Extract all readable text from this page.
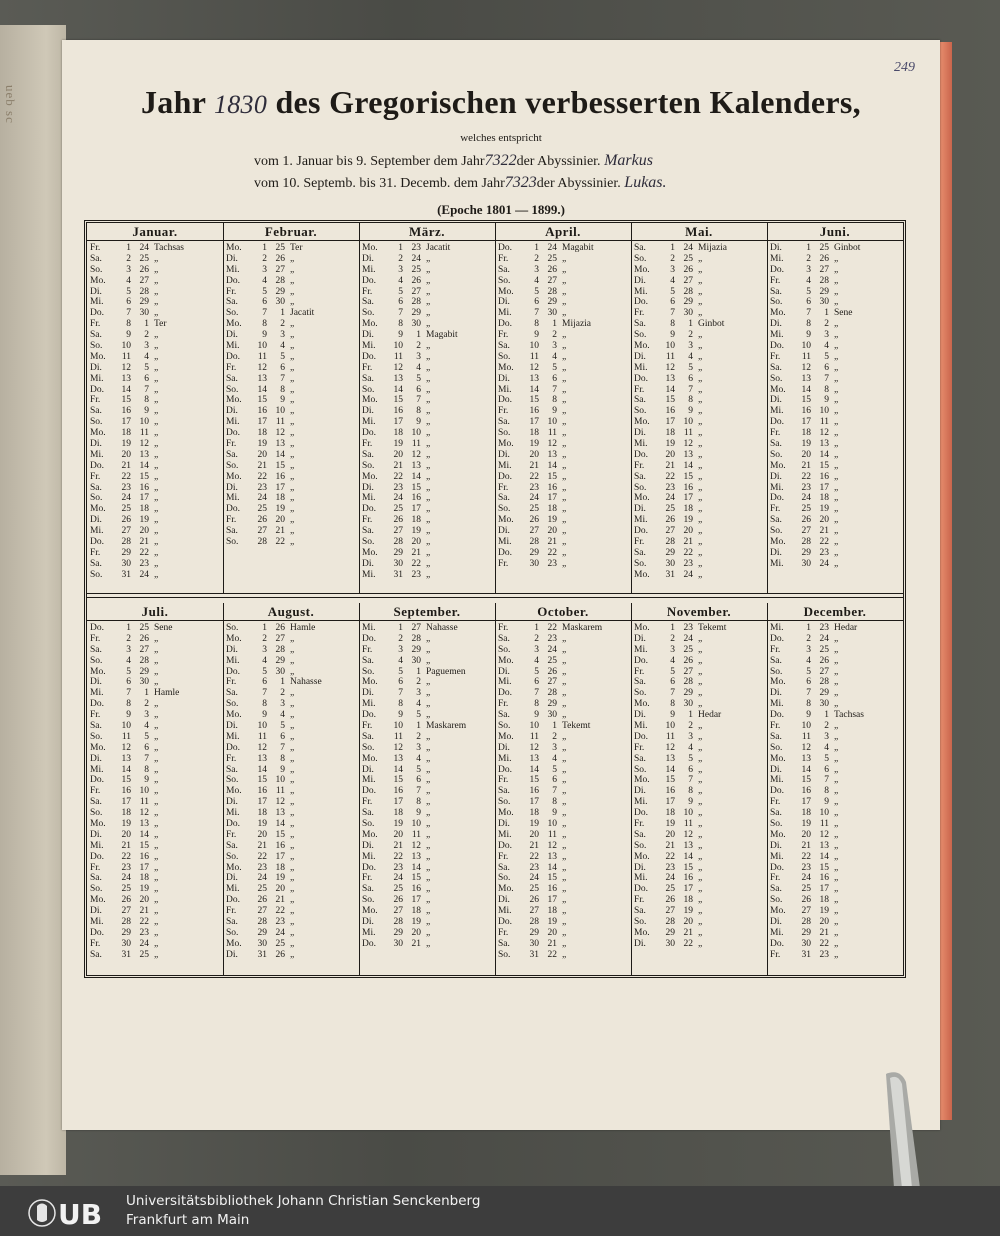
ueb sc
249
Jahr 1830 des Gregorischen verbesserten Kalenders,
welches entspricht
vom 1. Januar bis 9. September dem Jahr7322der Abyssinier. Markus
vom 10. Septemb. bis 31. Decemb. dem Jahr7323der Abyssinier. Lukas.
(Epoche 1801 — 1899.)
Januar.
Fr.	1 24 Tachsas
Sa.	2 25 „
So.	3 26 „
Mo.	4 27 „
Di.	5 28 „
Mi.	6 29 „
Do.	7 30 „
Fr.	8	1 Ter
Sa.	9	2 „
So. 10	3 „
Mo. 11	4 „
Di. 12	5 „
Mi. 13	6 „
Do. 14	7 „
Fr. 15	8 „
Sa. 16	9 „
So. 17 10 „
Mo. 18 11 „
Di. 19 12 „
Mi. 20 13 „
Do. 21 14 „
Fr. 22 15 „
Sa. 23 16 „
So. 24 17 „
Mo. 25 18 „
Di. 26 19 „
Mi. 27 20 „
Do. 28 21 „
Fr. 29 22 „
Sa. 30 23 „
So. 31 24 „
Februar.
Mo.	1 25 Ter
Di.	2 26 „
Mi.	3 27 „
Do.	4 28 „
Fr.	5 29 „
Sa.	6 30 „
So.	7	1 Jacatit
Mo.	8	2 „
Di.	9	3 „
Mi. 10	4 „
Do. 11	5 „
Fr. 12	6 „
Sa. 13	7 „
So. 14	8 „
Mo. 15	9 „
Di. 16 10 „
Mi. 17 11 „
Do. 18 12 „
Fr. 19 13 „
Sa. 20 14 „
So. 21 15 „
Mo. 22 16 „
Di. 23 17 „
Mi. 24 18 „
Do. 25 19 „
Fr. 26 20 „
Sa. 27 21 „
So. 28 22 „
März.
Mo.	1 23 Jacatit
Di.	2 24 „
Mi.	3 25 „
Do.	4 26 „
Fr.	5 27 „
Sa.	6 28 „
So.	7 29 „
Mo.	8 30 „
Di.	9	1 Magabit
Mi. 10	2 „
Do. 11	3 „
Fr. 12	4 „
Sa. 13	5 „
So. 14	6 „
Mo. 15	7 „
Di. 16	8 „
Mi. 17	9 „
Do. 18 10 „
Fr. 19 11 „
Sa. 20 12 „
So. 21 13 „
Mo. 22 14 „
Di. 23 15 „
Mi. 24 16 „
Do. 25 17 „
Fr. 26 18 „
Sa. 27 19 „
So. 28 20 „
Mo. 29 21 „
Di. 30 22 „
Mi. 31 23 „
April.
Do.	1 24 Magabit
Fr.	2 25 „
Sa.	3 26 „
So.	4 27 „
Mo.	5 28 „
Di.	6 29 „
Mi.	7 30 „
Do.	8	1 Mijazia
Fr.	9	2 „
Sa. 10	3 „
So. 11	4 „
Mo. 12	5 „
Di. 13	6 „
Mi. 14	7 „
Do. 15	8 „
Fr. 16	9 „
Sa. 17 10 „
So. 18 11 „
Mo. 19 12 „
Di. 20 13 „
Mi. 21 14 „
Do. 22 15 „
Fr. 23 16 „
Sa. 24 17 „
So. 25 18 „
Mo. 26 19 „
Di. 27 20 „
Mi. 28 21 „
Do. 29 22 „
Fr. 30 23 „
Mai.
Sa.	1 24 Mijazia
So.	2 25 „
Mo.	3 26 „
Di.	4 27 „
Mi.	5 28 „
Do.	6 29 „
Fr.	7 30 „
Sa.	8	1 Ginbot
So.	9	2 „
Mo. 10	3 „
Di. 11	4 „
Mi. 12	5 „
Do. 13	6 „
Fr. 14	7 „
Sa. 15	8 „
So. 16	9 „
Mo. 17 10 „
Di. 18 11 „
Mi. 19 12 „
Do. 20 13 „
Fr. 21 14 „
Sa. 22 15 „
So. 23 16 „
Mo. 24 17 „
Di. 25 18 „
Mi. 26 19 „
Do. 27 20 „
Fr. 28 21 „
Sa. 29 22 „
So. 30 23 „
Mo. 31 24 „
Juni.
Di.	1 25 Ginbot
Mi.	2 26 „
Do.	3 27 „
Fr.	4 28 „
Sa.	5 29 „
So.	6 30 „
Mo.	7	1 Sene
Di.	8	2 „
Mi.	9	3 „
Do. 10	4 „
Fr. 11	5 „
Sa. 12	6 „
So. 13	7 „
Mo. 14	8 „
Di. 15	9 „
Mi. 16 10 „
Do. 17 11 „
Fr. 18 12 „
Sa. 19 13 „
So. 20 14 „
Mo. 21 15 „
Di. 22 16 „
Mi. 23 17 „
Do. 24 18 „
Fr. 25 19 „
Sa. 26 20 „
So. 27 21 „
Mo. 28 22 „
Di. 29 23 „
Mi. 30 24 „
Juli.
Do.	1 25 Sene
Fr.	2 26 „
Sa.	3 27 „
So.	4 28 „
Mo.	5 29 „
Di.	6 30 „
Mi.	7	1 Hamle
Do.	8	2 „
Fr.	9	3 „
Sa. 10	4 „
So. 11	5 „
Mo. 12	6 „
Di. 13	7 „
Mi. 14	8 „
Do. 15	9 „
Fr. 16 10 „
Sa. 17 11 „
So. 18 12 „
Mo. 19 13 „
Di. 20 14 „
Mi. 21 15 „
Do. 22 16 „
Fr. 23 17 „
Sa. 24 18 „
So. 25 19 „
Mo. 26 20 „
Di. 27 21 „
Mi. 28 22 „
Do. 29 23 „
Fr. 30 24 „
Sa. 31 25 „
August.
So.	1 26 Hamle
Mo.	2 27 „
Di.	3 28 „
Mi.	4 29 „
Do.	5 30 „
Fr.	6	1 Nahasse
Sa.	7	2 „
So.	8	3 „
Mo.	9	4 „
Di. 10	5 „
Mi. 11	6 „
Do. 12	7 „
Fr. 13	8 „
Sa. 14	9 „
So. 15 10 „
Mo. 16 11 „
Di. 17 12 „
Mi. 18 13 „
Do. 19 14 „
Fr. 20 15 „
Sa. 21 16 „
So. 22 17 „
Mo. 23 18 „
Di. 24 19 „
Mi. 25 20 „
Do. 26 21 „
Fr. 27 22 „
Sa. 28 23 „
So. 29 24 „
Mo. 30 25 „
Di. 31 26 „
September.
Mi.	1 27 Nahasse
Do.	2 28 „
Fr.	3 29 „
Sa.	4 30 „
So.	5	1 Paguemen
Mo.	6	2 „
Di.	7	3 „
Mi.	8	4 „
Do.	9	5 „
Fr. 10	1 Maskarem
Sa. 11	2 „
So. 12	3 „
Mo. 13	4 „
Di. 14	5 „
Mi. 15	6 „
Do. 16	7 „
Fr. 17	8 „
Sa. 18	9 „
So. 19 10 „
Mo. 20 11 „
Di. 21 12 „
Mi. 22 13 „
Do. 23 14 „
Fr. 24 15 „
Sa. 25 16 „
So. 26 17 „
Mo. 27 18 „
Di. 28 19 „
Mi. 29 20 „
Do. 30 21 „
October.
Fr.	1 22 Maskarem
Sa.	2 23 „
So.	3 24 „
Mo.	4 25 „
Di.	5 26 „
Mi.	6 27 „
Do.	7 28 „
Fr.	8 29 „
Sa.	9 30 „
So. 10	1 Tekemt
Mo. 11	2 „
Di. 12	3 „
Mi. 13	4 „
Do. 14	5 „
Fr. 15	6 „
Sa. 16	7 „
So. 17	8 „
Mo. 18	9 „
Di. 19 10 „
Mi. 20 11 „
Do. 21 12 „
Fr. 22 13 „
Sa. 23 14 „
So. 24 15 „
Mo. 25 16 „
Di. 26 17 „
Mi. 27 18 „
Do. 28 19 „
Fr. 29 20 „
Sa. 30 21 „
So. 31 22 „
November.
Mo.	1 23 Tekemt
Di.	2 24 „
Mi.	3 25 „
Do.	4 26 „
Fr.	5 27 „
Sa.	6 28 „
So.	7 29 „
Mo.	8 30 „
Di.	9	1 Hedar
Mi. 10	2 „
Do. 11	3 „
Fr. 12	4 „
Sa. 13	5 „
So. 14	6 „
Mo. 15	7 „
Di. 16	8 „
Mi. 17	9 „
Do. 18 10 „
Fr. 19 11 „
Sa. 20 12 „
So. 21 13 „
Mo. 22 14 „
Di. 23 15 „
Mi. 24 16 „
Do. 25 17 „
Fr. 26 18 „
Sa. 27 19 „
So. 28 20 „
Mo. 29 21 „
Di. 30 22 „
December.
Mi.	1 23 Hedar
Do.	2 24 „
Fr.	3 25 „
Sa.	4 26 „
So.	5 27 „
Mo.	6 28 „
Di.	7 29 „
Mi.	8 30 „
Do.	9	1 Tachsas
Fr. 10	2 „
Sa. 11	3 „
So. 12	4 „
Mo. 13	5 „
Di. 14	6 „
Mi. 15	7 „
Do. 16	8 „
Fr. 17	9 „
Sa. 18 10 „
So. 19 11 „
Mo. 20 12 „
Di. 21 13 „
Mi. 22 14 „
Do. 23 15 „
Fr. 24 16 „
Sa. 25 17 „
So. 26 18 „
Mo. 27 19 „
Di. 28 20 „
Mi. 29 21 „
Do. 30 22 „
Fr. 31 23 „
UB Universitätsbibliothek Johann Christian Senckenberg
Frankfurt am Main
